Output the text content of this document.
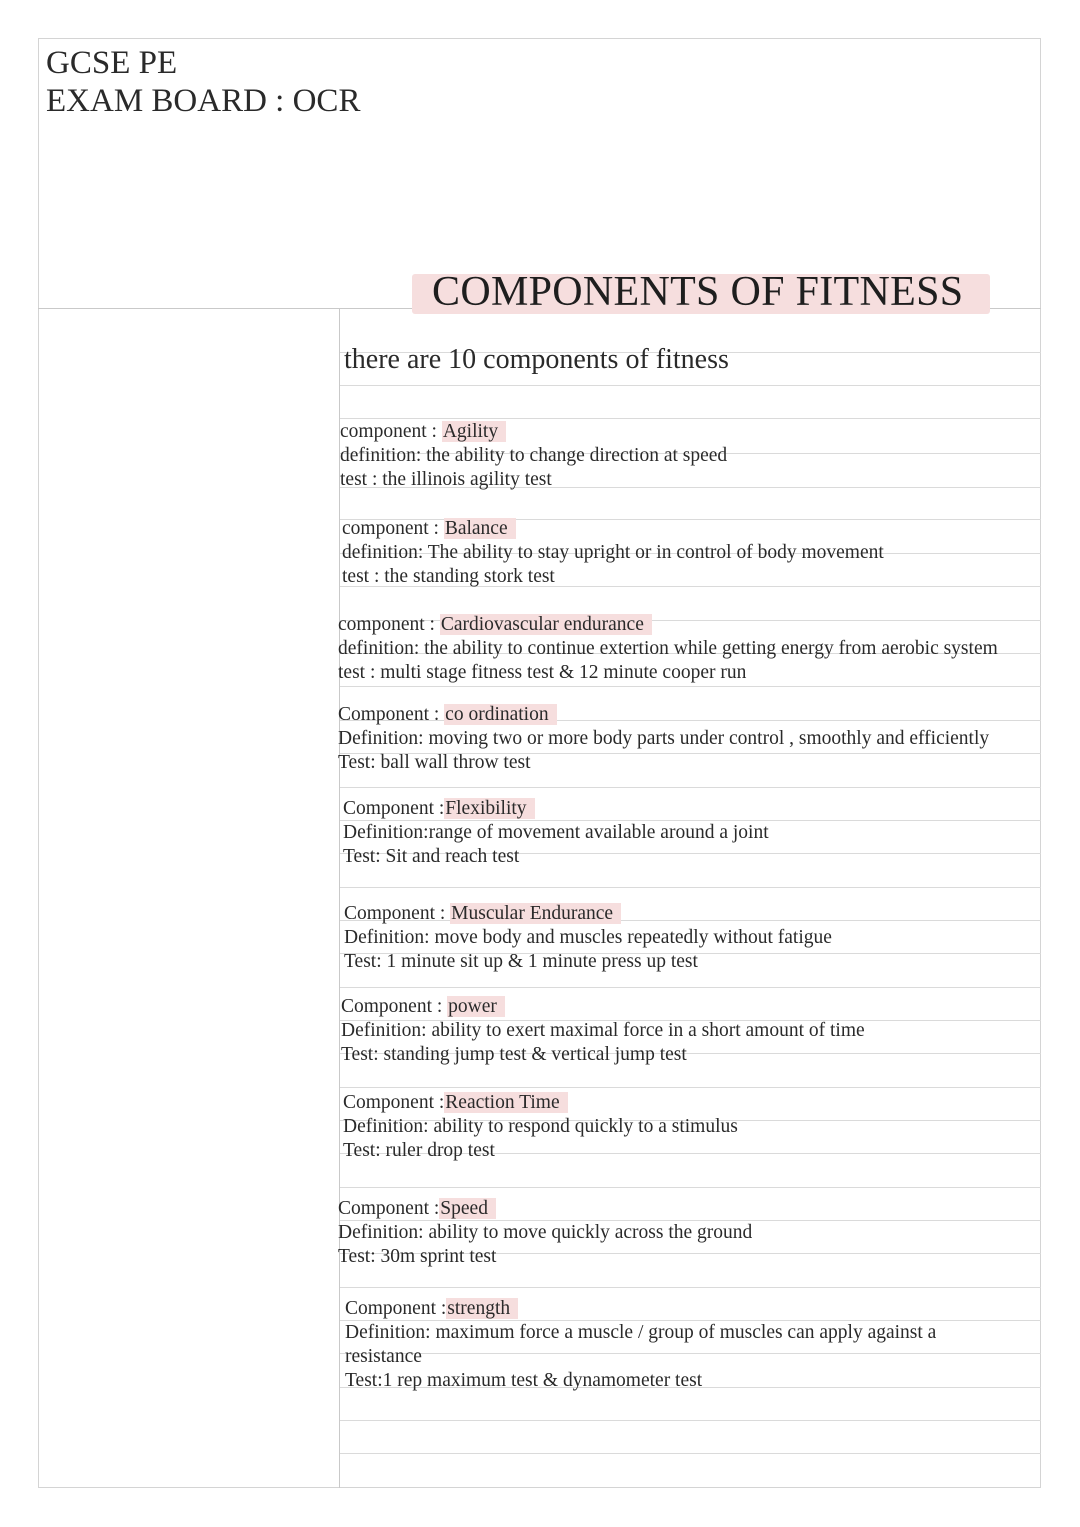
GCSE PE
EXAM BOARD : OCR
COMPONENTS OF FITNESS
there are 10 components of fitness
component : Agility
definition: the ability to change direction at speed
test : the illinois agility test
component : Balance
definition: The ability to stay upright or in control of body movement
test : the standing stork test
component : Cardiovascular endurance
definition: the ability to continue extertion while getting energy from aerobic system
test : multi stage fitness test & 12 minute cooper run
Component : co ordination
Definition: moving two or more body parts under control , smoothly and efficiently
Test: ball wall throw test
Component :Flexibility
Definition:range of movement available around a joint
Test: Sit and reach test
Component : Muscular Endurance
Definition: move body and muscles repeatedly without fatigue
Test: 1 minute sit up & 1 minute press up test
Component : power
Definition: ability to exert maximal force in a short amount of time
Test: standing jump test & vertical jump test
Component :Reaction Time
Definition: ability to respond quickly to a stimulus
Test: ruler drop test
Component :Speed
Definition: ability to move quickly across the ground
Test: 30m sprint test
Component :strength
Definition: maximum force a muscle / group of muscles can apply against a resistance
Test:1 rep maximum test & dynamometer test
